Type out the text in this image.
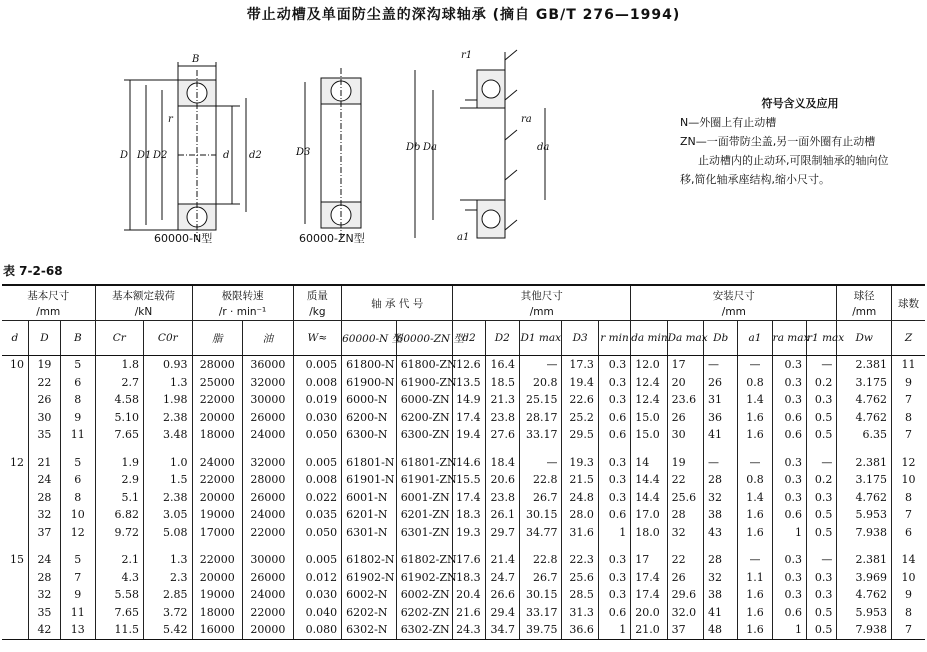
带止动槽及单面防尘盖的深沟球轴承 (摘自 GB/T 276—1994)
B
D D1 D2	d d2
r
60000-N型
D3
60000-ZN型
r1
Db Da	da
ra
a1
符号含义及应用
N—外圈上有止动槽
ZN—一面带防尘盖,另一面外圈有止动槽
止动槽内的止动环,可限制轴承的轴向位
移,简化轴承座结构,缩小尺寸。
表 7-2-68
基本尺寸			基本额定载荷		极限转速		质量	轴 承 代 号		其他尺寸					安装尺寸						球径	球数
/mm			/kN		/r · min⁻¹		/kg			/mm					/mm						/mm	
d	D	B	Cr	C0r	脂	油	W≈	60000-N 型	60000-ZN 型	d2	D2	D1 max	D3	r min	da min	Da max	Db	a1	ra max	r1 max	Dw	Z
10	19	5	1.8	0.93	28000	36000	0.005	61800-N	61800-ZN	12.6	16.4	—	17.3	0.3	12.0	17	—	—	0.3	—	2.381	11
	22	6	2.7	1.3	25000	32000	0.008	61900-N	61900-ZN	13.5	18.5	20.8	19.4	0.3	12.4	20	26	0.8	0.3	0.2	3.175	9
	26	8	4.58	1.98	22000	30000	0.019	6000-N	6000-ZN	14.9	21.3	25.15	22.6	0.3	12.4	23.6	31	1.4	0.3	0.3	4.762	7
	30	9	5.10	2.38	20000	26000	0.030	6200-N	6200-ZN	17.4	23.8	28.17	25.2	0.6	15.0	26	36	1.6	0.6	0.5	4.762	8
	35	11	7.65	3.48	18000	24000	0.050	6300-N	6300-ZN	19.4	27.6	33.17	29.5	0.6	15.0	30	41	1.6	0.6	0.5	6.35	7

12	21	5	1.9	1.0	24000	32000	0.005	61801-N	61801-ZN	14.6	18.4	—	19.3	0.3	14	19	—	—	0.3	—	2.381	12
	24	6	2.9	1.5	22000	28000	0.008	61901-N	61901-ZN	15.5	20.6	22.8	21.5	0.3	14.4	22	28	0.8	0.3	0.2	3.175	10
	28	8	5.1	2.38	20000	26000	0.022	6001-N	6001-ZN	17.4	23.8	26.7	24.8	0.3	14.4	25.6	32	1.4	0.3	0.3	4.762	8
	32	10	6.82	3.05	19000	24000	0.035	6201-N	6201-ZN	18.3	26.1	30.15	28.0	0.6	17.0	28	38	1.6	0.6	0.5	5.953	7
	37	12	9.72	5.08	17000	22000	0.050	6301-N	6301-ZN	19.3	29.7	34.77	31.6	1	18.0	32	43	1.6	1	0.5	7.938	6

15	24	5	2.1	1.3	22000	30000	0.005	61802-N	61802-ZN	17.6	21.4	22.8	22.3	0.3	17	22	28	—	0.3	—	2.381	14
	28	7	4.3	2.3	20000	26000	0.012	61902-N	61902-ZN	18.3	24.7	26.7	25.6	0.3	17.4	26	32	1.1	0.3	0.3	3.969	10
	32	9	5.58	2.85	19000	24000	0.030	6002-N	6002-ZN	20.4	26.6	30.15	28.5	0.3	17.4	29.6	38	1.6	0.3	0.3	4.762	9
	35	11	7.65	3.72	18000	22000	0.040	6202-N	6202-ZN	21.6	29.4	33.17	31.3	0.6	20.0	32.0	41	1.6	0.6	0.5	5.953	8
	42	13	11.5	5.42	16000	20000	0.080	6302-N	6302-ZN	24.3	34.7	39.75	36.6	1	21.0	37	48	1.6	1	0.5	7.938	7
